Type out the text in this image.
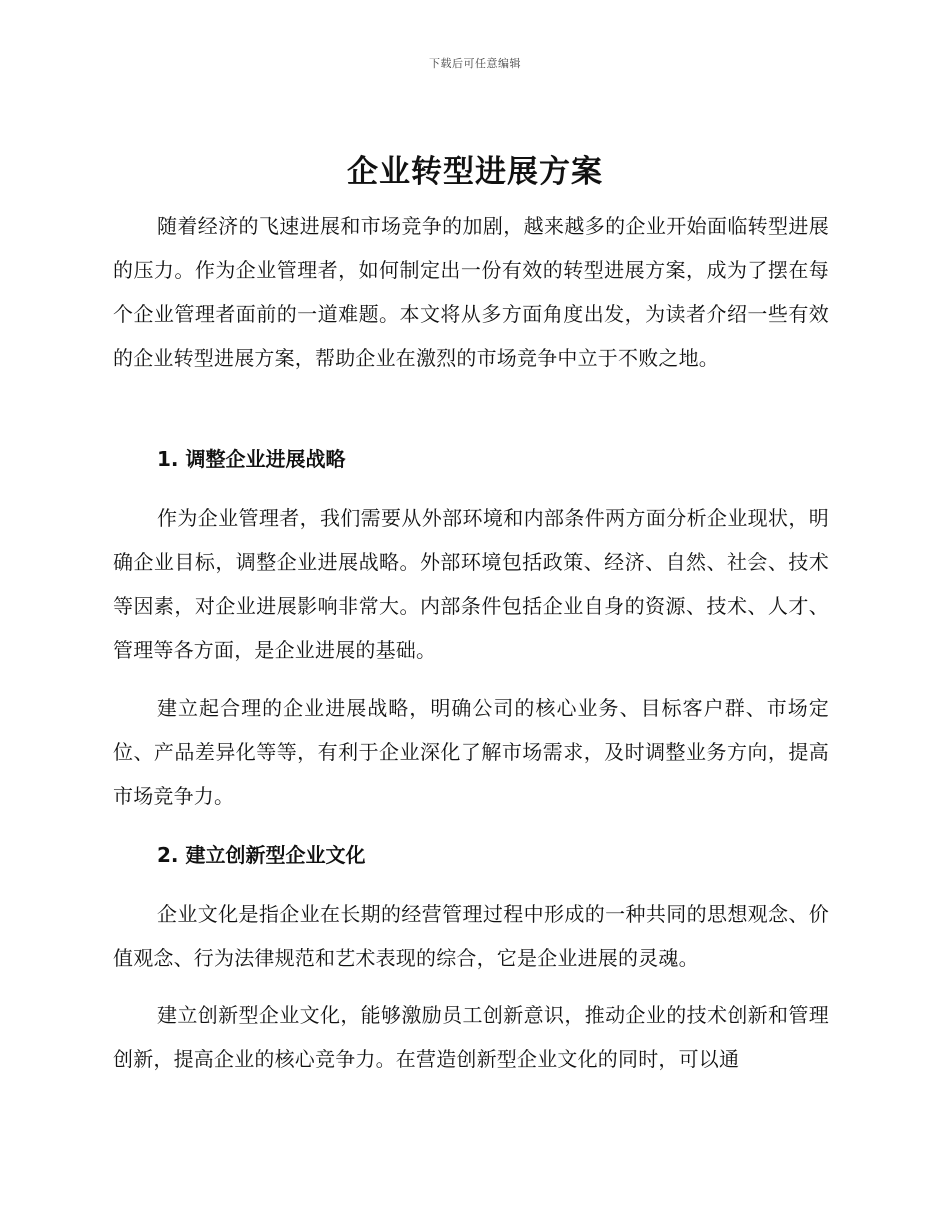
下载后可任意编辑
企业转型进展方案

随着经济的飞速进展和市场竞争的加剧，越来越多的企业开始面临转型进展的压力。作为企业管理者，如何制定出一份有效的转型进展方案，成为了摆在每个企业管理者面前的一道难题。本文将从多方面角度出发，为读者介绍一些有效的企业转型进展方案，帮助企业在激烈的市场竞争中立于不败之地。

1. 调整企业进展战略

作为企业管理者，我们需要从外部环境和内部条件两方面分析企业现状，明确企业目标，调整企业进展战略。外部环境包括政策、经济、自然、社会、技术等因素，对企业进展影响非常大。内部条件包括企业自身的资源、技术、人才、管理等各方面，是企业进展的基础。

建立起合理的企业进展战略，明确公司的核心业务、目标客户群、市场定位、产品差异化等等，有利于企业深化了解市场需求，及时调整业务方向，提高市场竞争力。

2. 建立创新型企业文化

企业文化是指企业在长期的经营管理过程中形成的一种共同的思想观念、价值观念、行为法律规范和艺术表现的综合，它是企业进展的灵魂。

建立创新型企业文化，能够激励员工创新意识，推动企业的技术创新和管理创新，提高企业的核心竞争力。在营造创新型企业文化的同时，可以通
